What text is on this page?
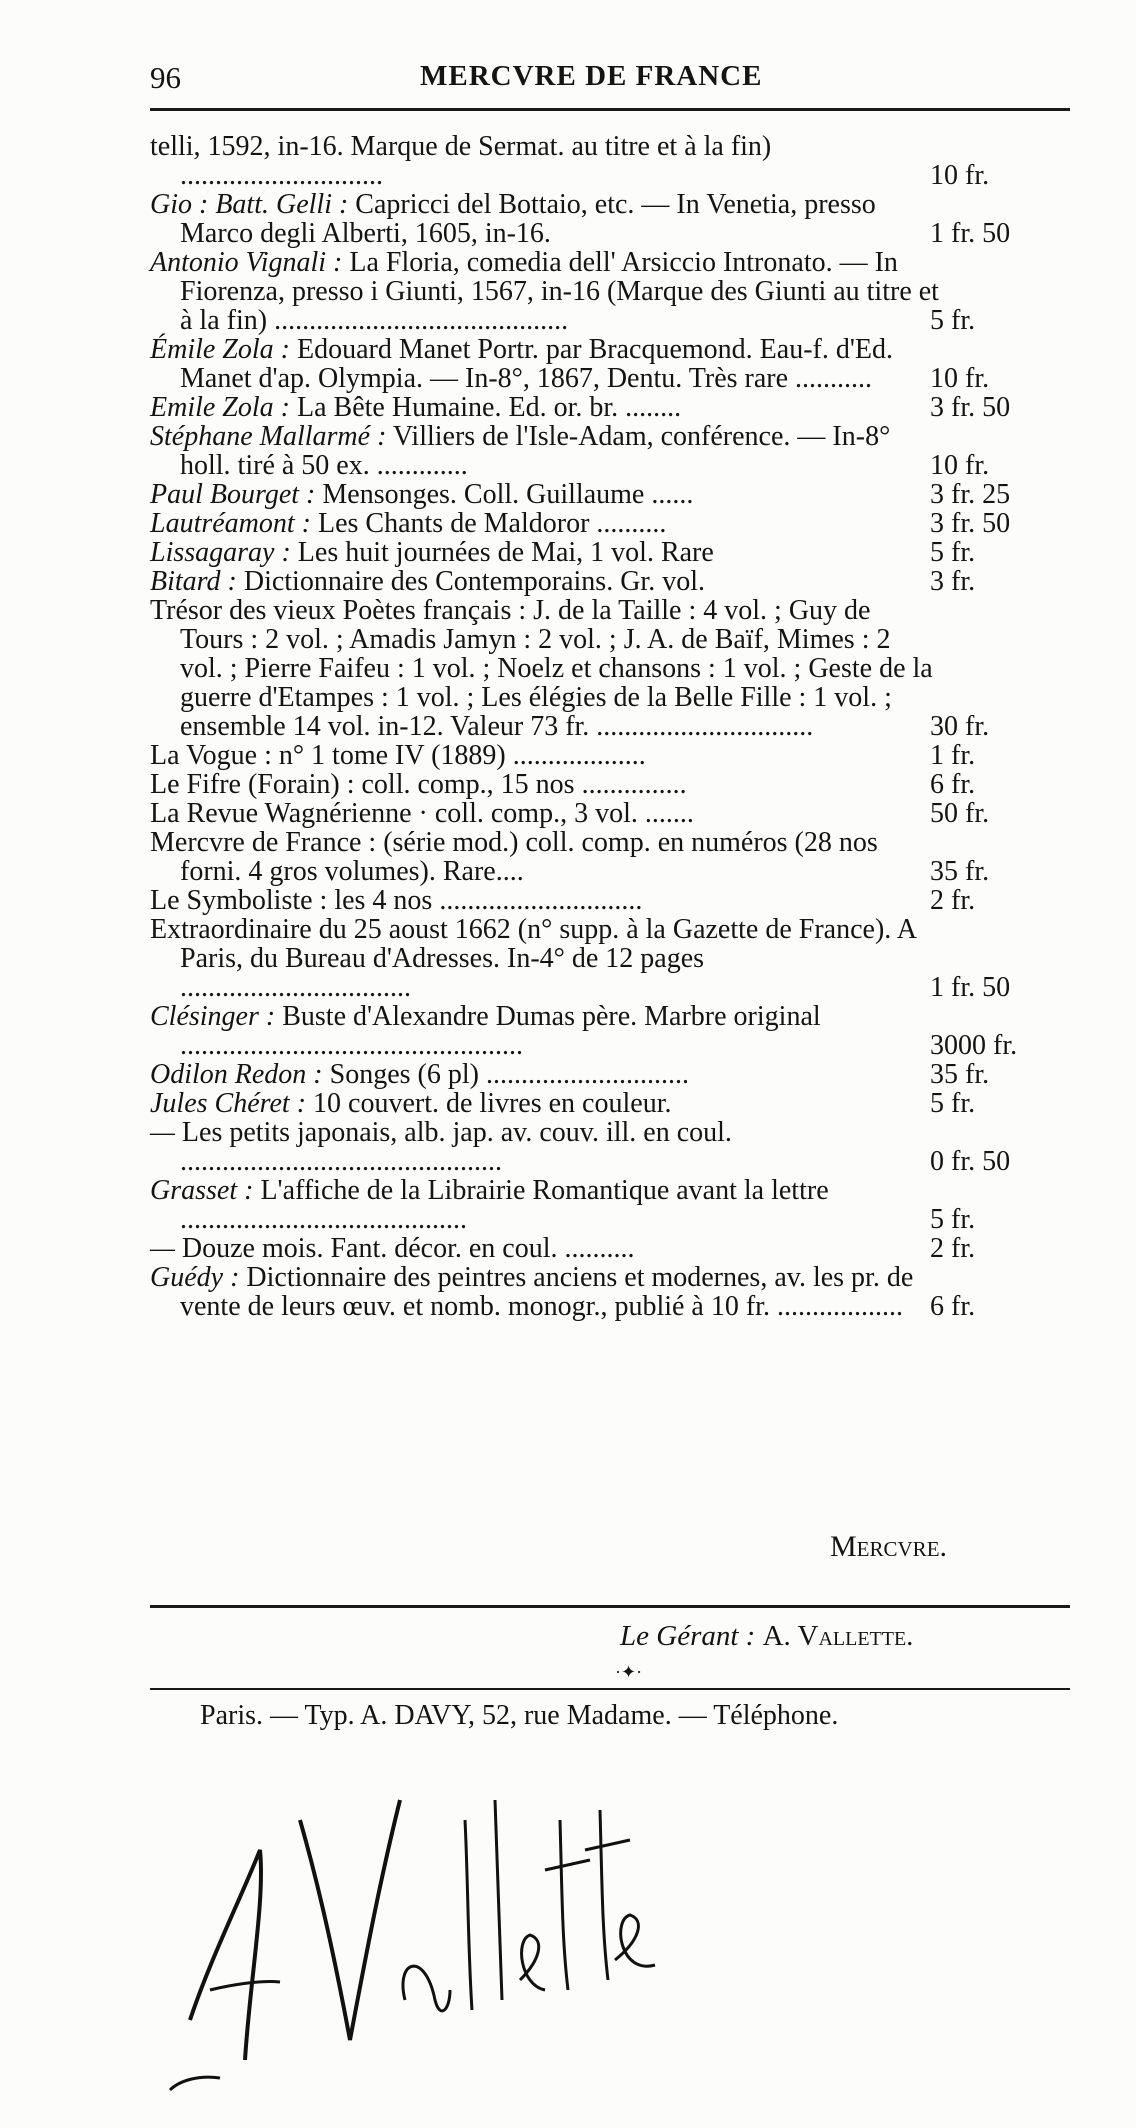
96	MERCVRE DE FRANCE
telli, 1592, in-16. Marque de Sermat. au titre et à la fin) .............................	10 fr.
Gio : Batt. Gelli : Capricci del Bottaio, etc. — In Venetia, presso Marco degli Alberti, 1605, in-16.	1 fr. 50
Antonio Vignali : La Floria, comedia dell' Arsiccio Intronato. — In Fiorenza, presso i Giunti, 1567, in-16 (Marque des Giunti au titre et à la fin) ..........................................	5 fr.
Émile Zola : Edouard Manet Portr. par Bracquemond. Eau-f. d'Ed. Manet d'ap. Olympia. — In-8°, 1867, Dentu. Très rare ...........	10 fr.
Emile Zola : La Bête Humaine. Ed. or. br. ........	3 fr. 50
Stéphane Mallarmé : Villiers de l'Isle-Adam, conférence. — In-8° holl. tiré à 50 ex. .............	10 fr.
Paul Bourget : Mensonges. Coll. Guillaume ......	3 fr. 25
Lautréamont : Les Chants de Maldoror ..........	3 fr. 50
Lissagaray : Les huit journées de Mai, 1 vol. Rare	5 fr.
Bitard : Dictionnaire des Contemporains. Gr. vol.	3 fr.
Trésor des vieux Poètes français : J. de la Taille : 4 vol. ; Guy de Tours : 2 vol. ; Amadis Jamyn : 2 vol. ; J. A. de Baïf, Mimes : 2 vol. ; Pierre Faifeu : 1 vol. ; Noelz et chansons : 1 vol. ; Geste de la guerre d'Etampes : 1 vol. ; Les élégies de la Belle Fille : 1 vol. ; ensemble 14 vol. in-12. Valeur 73 fr. ...............................	30 fr.
La Vogue : n° 1 tome IV (1889) ...................	1 fr.
Le Fifre (Forain) : coll. comp., 15 nos ...............	6 fr.
La Revue Wagnérienne · coll. comp., 3 vol. .......	50 fr.
Mercvre de France : (série mod.) coll. comp. en numéros (28 nos forni. 4 gros volumes). Rare....	35 fr.
Le Symboliste : les 4 nos .............................	2 fr.
Extraordinaire du 25 aoust 1662 (n° supp. à la Gazette de France). A Paris, du Bureau d'Adresses. In-4° de 12 pages .................................	1 fr. 50
Clésinger : Buste d'Alexandre Dumas père. Marbre original .................................................	3000 fr.
Odilon Redon : Songes (6 pl) .............................	35 fr.
Jules Chéret : 10 couvert. de livres en couleur.	5 fr.
— Les petits japonais, alb. jap. av. couv. ill. en coul. ..............................................	0 fr. 50
Grasset : L'affiche de la Librairie Romantique avant la lettre .........................................	5 fr.
— Douze mois. Fant. décor. en coul. ..........	2 fr.
Guédy : Dictionnaire des peintres anciens et modernes, av. les pr. de vente de leurs œuv. et nomb. monogr., publié à 10 fr. .................. 6 fr.
Mercvre.
Le Gérant : A. Vallette.
·✦·
Paris. — Typ. A. DAVY, 52, rue Madame. — Téléphone.
